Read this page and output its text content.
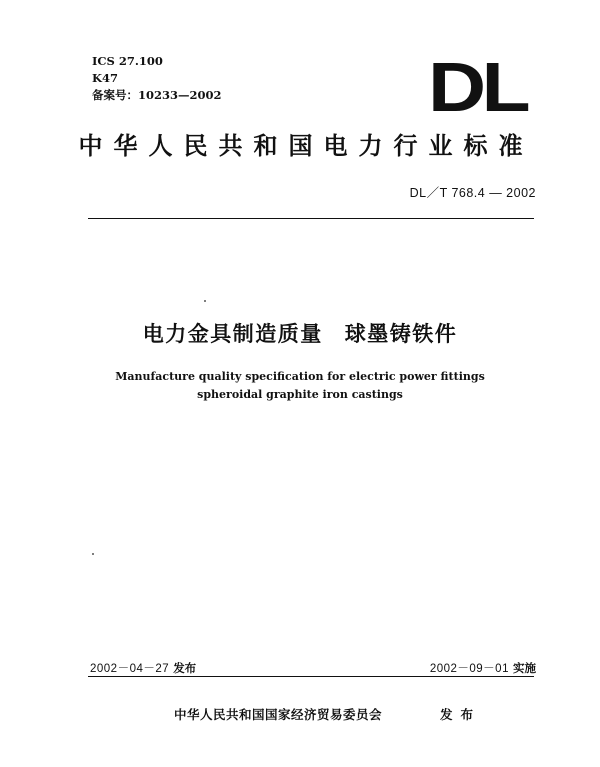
ICS 27.100
K47
备案号：10233—2002	DL
中华人民共和国电力行业标准
DL／T 768.4 — 2002
电力金具制造质量 球墨铸铁件
Manufacture quality specification for electric power fittings
spheroidal graphite iron castings
2002－04－27 发布	2002－09－01 实施
中华人民共和国国家经济贸易委员会	发布
